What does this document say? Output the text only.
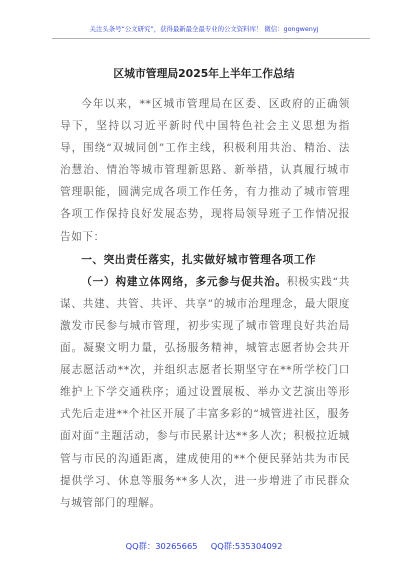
关注头条号“公文研究”，获得最新最全最专业的公文资料库！ 微信：gongwenyj
区城市管理局2025年上半年工作总结

今年以来，**区城市管理局在区委、区政府的正确领导下，坚持以习近平新时代中国特色社会主义思想为指导，围绕“双城同创”工作主线，积极利用共治、精治、法治慧治、情治等城市管理新思路、新举措，认真履行城市管理职能，圆满完成各项工作任务，有力推动了城市管理各项工作保持良好发展态势，现将局领导班子工作情况报告如下：

一、突出责任落实，扎实做好城市管理各项工作

（一）构建立体网络，多元参与促共治。积极实践“共谋、共建、共管、共评、共享”的城市治理理念，最大限度激发市民参与城市管理，初步实现了城市管理良好共治局面。凝聚文明力量，弘扬服务精神，城管志愿者协会共开展志愿活动**次，并组织志愿者长期坚守在**所学校门口维护上下学交通秩序；通过设置展板、举办文艺演出等形式先后走进**个社区开展了丰富多彩的“城管进社区，服务面对面”主题活动，参与市民累计达**多人次；积极拉近城管与市民的沟通距离，建成使用的**个便民驿站共为市民提供学习、休息等服务**多人次，进一步增进了市民群众与城管部门的理解。

QQ群：30265665     QQ群:535304092
